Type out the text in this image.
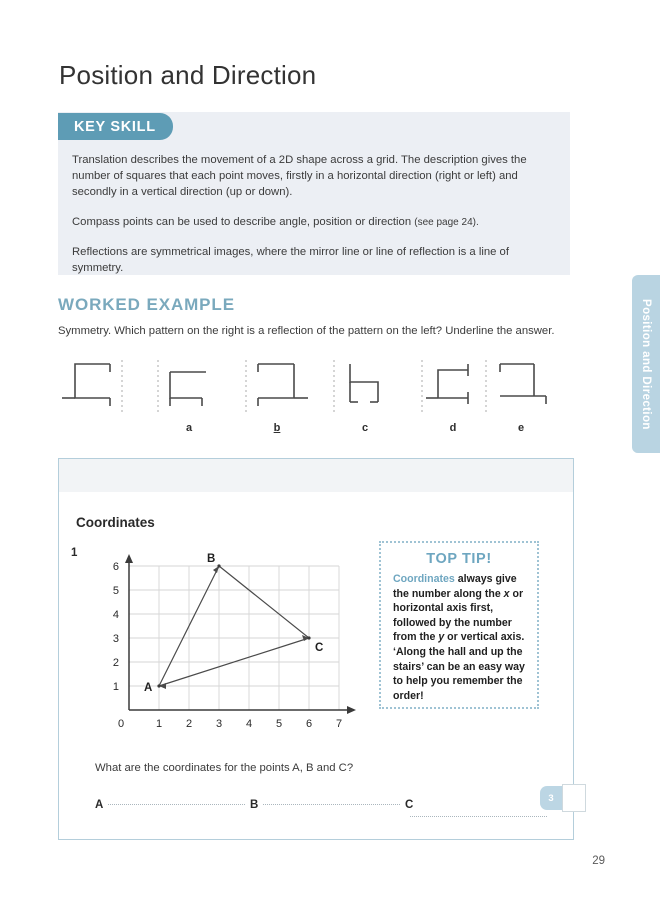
Position and Direction
KEY SKILL

Translation describes the movement of a 2D shape across a grid. The description gives the number of squares that each point moves, firstly in a horizontal direction (right or left) and secondly in a vertical direction (up or down).

Compass points can be used to describe angle, position or direction (see page 24).

Reflections are symmetrical images, where the mirror line or line of reflection is a line of symmetry.

WORKED EXAMPLE
Symmetry. Which pattern on the right is a reflection of the pattern on the left? Underline the answer.
a	b	c	d	e	Position and Direction
Coordinates
1
1
2
3
4
5
6
0	1 2 3 4 5 6 7
A
B
C
TOP TIP!
Coordinates always give the number along the x or horizontal axis first, followed by the number from the y or vertical axis. ‘Along the hall and up the stairs’ can be an easy way to help you remember the order!
What are the coordinates for the points A, B and C?
A	B	C
3
29
